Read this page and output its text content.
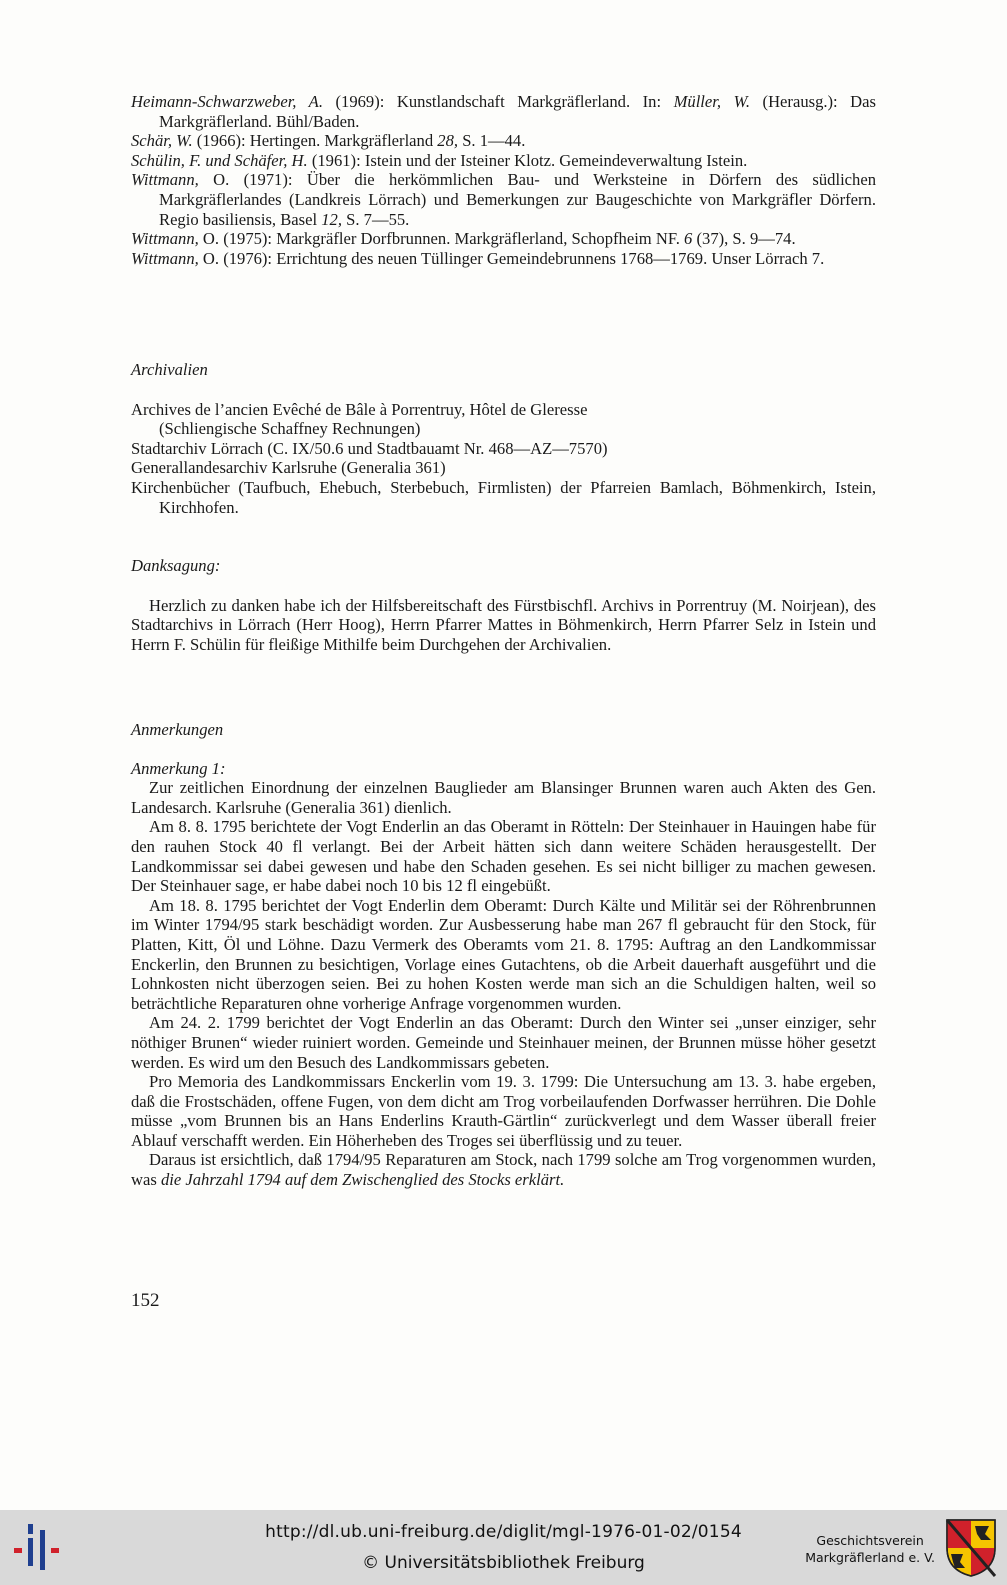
Heimann-Schwarzweber, A. (1969): Kunstlandschaft Markgräflerland. In: Müller, W. (Herausg.): Das Markgräflerland. Bühl/Baden.

Schär, W. (1966): Hertingen. Markgräflerland 28, S. 1—44.

Schülin, F. und Schäfer, H. (1961): Istein und der Isteiner Klotz. Gemeindeverwaltung Istein.

Wittmann, O. (1971): Über die herkömmlichen Bau- und Werksteine in Dörfern des südlichen Markgräflerlandes (Landkreis Lörrach) und Bemerkungen zur Baugeschichte von Markgräfler Dörfern. Regio basiliensis, Basel 12, S. 7—55.

Wittmann, O. (1975): Markgräfler Dorfbrunnen. Markgräflerland, Schopfheim NF. 6 (37), S. 9—74.

Wittmann, O. (1976): Errichtung des neuen Tüllinger Gemeindebrunnens 1768—1769. Unser Lörrach 7.

Archivalien

Archives de l’ancien Evêché de Bâle à Porrentruy, Hôtel de Gleresse

(Schliengische Schaffney Rechnungen)

Stadtarchiv Lörrach (C. IX/50.6 und Stadtbauamt Nr. 468—AZ—7570)

Generallandesarchiv Karlsruhe (Generalia 361)

Kirchenbücher (Taufbuch, Ehebuch, Sterbebuch, Firmlisten) der Pfarreien Bamlach, Böhmenkirch, Istein, Kirchhofen.

Danksagung:

Herzlich zu danken habe ich der Hilfsbereitschaft des Fürstbischfl. Archivs in Porrentruy (M. Noirjean), des Stadtarchivs in Lörrach (Herr Hoog), Herrn Pfarrer Mattes in Böhmenkirch, Herrn Pfarrer Selz in Istein und Herrn F. Schülin für fleißige Mithilfe beim Durchgehen der Archivalien.

Anmerkungen

Anmerkung 1:

Zur zeitlichen Einordnung der einzelnen Bauglieder am Blansinger Brunnen waren auch Akten des Gen. Landesarch. Karlsruhe (Generalia 361) dienlich.

Am 8. 8. 1795 berichtete der Vogt Enderlin an das Oberamt in Rötteln: Der Steinhauer in Hauingen habe für den rauhen Stock 40 fl verlangt. Bei der Arbeit hätten sich dann weitere Schäden herausgestellt. Der Landkommissar sei dabei gewesen und habe den Schaden gesehen. Es sei nicht billiger zu machen gewesen. Der Steinhauer sage, er habe dabei noch 10 bis 12 fl eingebüßt.

Am 18. 8. 1795 berichtet der Vogt Enderlin dem Oberamt: Durch Kälte und Militär sei der Röhrenbrunnen im Winter 1794/95 stark beschädigt worden. Zur Ausbesserung habe man 267 fl gebraucht für den Stock, für Platten, Kitt, Öl und Löhne. Dazu Vermerk des Oberamts vom 21. 8. 1795: Auftrag an den Landkommissar Enckerlin, den Brunnen zu besichtigen, Vorlage eines Gutachtens, ob die Arbeit dauerhaft ausgeführt und die Lohnkosten nicht überzogen seien. Bei zu hohen Kosten werde man sich an die Schuldigen halten, weil so beträchtliche Reparaturen ohne vorherige Anfrage vorgenommen wurden.

Am 24. 2. 1799 berichtet der Vogt Enderlin an das Oberamt: Durch den Winter sei „unser einziger, sehr nöthiger Brunen“ wieder ruiniert worden. Gemeinde und Steinhauer meinen, der Brunnen müsse höher gesetzt werden. Es wird um den Besuch des Landkommissars gebeten.

Pro Memoria des Landkommissars Enckerlin vom 19. 3. 1799: Die Untersuchung am 13. 3. habe ergeben, daß die Frostschäden, offene Fugen, von dem dicht am Trog vorbeilaufenden Dorfwasser herrühren. Die Dohle müsse „vom Brunnen bis an Hans Enderlins Krauth-Gärtlin“ zurückverlegt und dem Wasser überall freier Ablauf verschafft werden. Ein Höherheben des Troges sei überflüssig und zu teuer.

Daraus ist ersichtlich, daß 1794/95 Reparaturen am Stock, nach 1799 solche am Trog vorgenommen wurden, was die Jahrzahl 1794 auf dem Zwischenglied des Stocks erklärt.

152
http://dl.ub.uni-freiburg.de/diglit/mgl-1976-01-02/0154
© Universitätsbibliothek Freiburg
Geschichtsverein
Markgräflerland e. V.
